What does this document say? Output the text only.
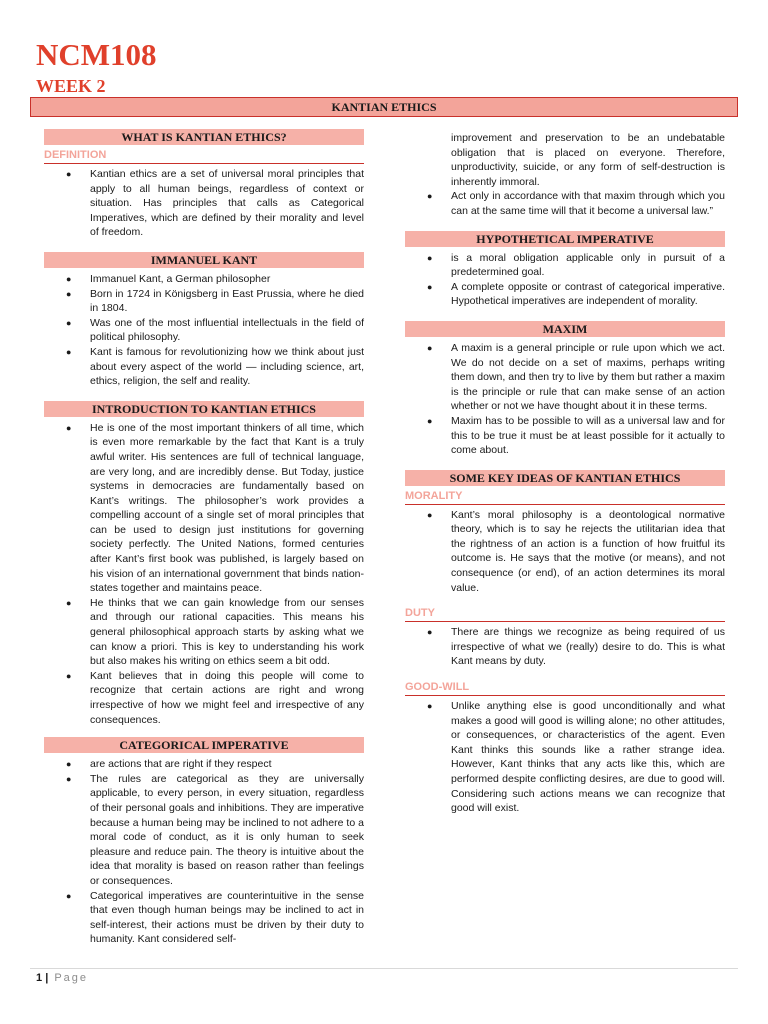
NCM108
WEEK 2
KANTIAN ETHICS
WHAT IS KANTIAN ETHICS?
DEFINITION
● Kantian ethics are a set of universal moral principles that apply to all human beings, regardless of context or situation. Has principles that calls as Categorical Imperatives, which are defined by their morality and level of freedom.
IMMANUEL KANT
● Immanuel Kant, a German philosopher
● Born in 1724 in Königsberg in East Prussia, where he died in 1804.
● Was one of the most influential intellectuals in the field of political philosophy.
● Kant is famous for revolutionizing how we think about just about every aspect of the world — including science, art, ethics, religion, the self and reality.
INTRODUCTION TO KANTIAN ETHICS
● He is one of the most important thinkers of all time, which is even more remarkable by the fact that Kant is a truly awful writer. His sentences are full of technical language, are very long, and are incredibly dense. But Today, justice systems in democracies are fundamentally based on Kant’s writings. The philosopher’s work provides a compelling account of a single set of moral principles that can be used to design just institutions for governing society perfectly. The United Nations, formed centuries after Kant’s first book was published, is largely based on his vision of an international government that binds nation-states together and maintains peace.
● He thinks that we can gain knowledge from our senses and through our rational capacities. This means his general philosophical approach starts by asking what we can know a priori. This is key to understanding his work but also makes his writing on ethics seem a bit odd.
● Kant believes that in doing this people will come to recognize that certain actions are right and wrong irrespective of how we might feel and irrespective of any consequences.
CATEGORICAL IMPERATIVE
● are actions that are right if they respect
● The rules are categorical as they are universally applicable, to every person, in every situation, regardless of their personal goals and inhibitions. They are imperative because a human being may be inclined to not adhere to a moral code of conduct, as it is only human to seek pleasure and reduce pain. The theory is intuitive about the idea that morality is based on reason rather than feelings or consequences.
● Categorical imperatives are counterintuitive in the sense that even though human beings may be inclined to act in self-interest, their actions must be driven by their duty to humanity. Kant considered self-

improvement and preservation to be an undebatable obligation that is placed on everyone. Therefore, unproductivity, suicide, or any form of self-destruction is inherently immoral.

● Act only in accordance with that maxim through which you can at the same time will that it become a universal law.”
HYPOTHETICAL IMPERATIVE
● is a moral obligation applicable only in pursuit of a predetermined goal.
● A complete opposite or contrast of categorical imperative. Hypothetical imperatives are independent of morality.
MAXIM
● A maxim is a general principle or rule upon which we act. We do not decide on a set of maxims, perhaps writing them down, and then try to live by them but rather a maxim is the principle or rule that can make sense of an action whether or not we have thought about it in these terms.
● Maxim has to be possible to will as a universal law and for this to be true it must be at least possible for it actually to come about.
SOME KEY IDEAS OF KANTIAN ETHICS
MORALITY
● Kant’s moral philosophy is a deontological normative theory, which is to say he rejects the utilitarian idea that the rightness of an action is a function of how fruitful its outcome is. He says that the motive (or means), and not consequence (or end), of an action determines its moral value.
DUTY
● There are things we recognize as being required of us irrespective of what we (really) desire to do. This is what Kant means by duty.
GOOD-WILL
● Unlike anything else is good unconditionally and what makes a good will good is willing alone; no other attitudes, or consequences, or characteristics of the agent. Even Kant thinks this sounds like a rather strange idea. However, Kant thinks that any acts like this, which are performed despite conflicting desires, are due to good will. Considering such actions means we can recognize that good will exist.
1 | Page
